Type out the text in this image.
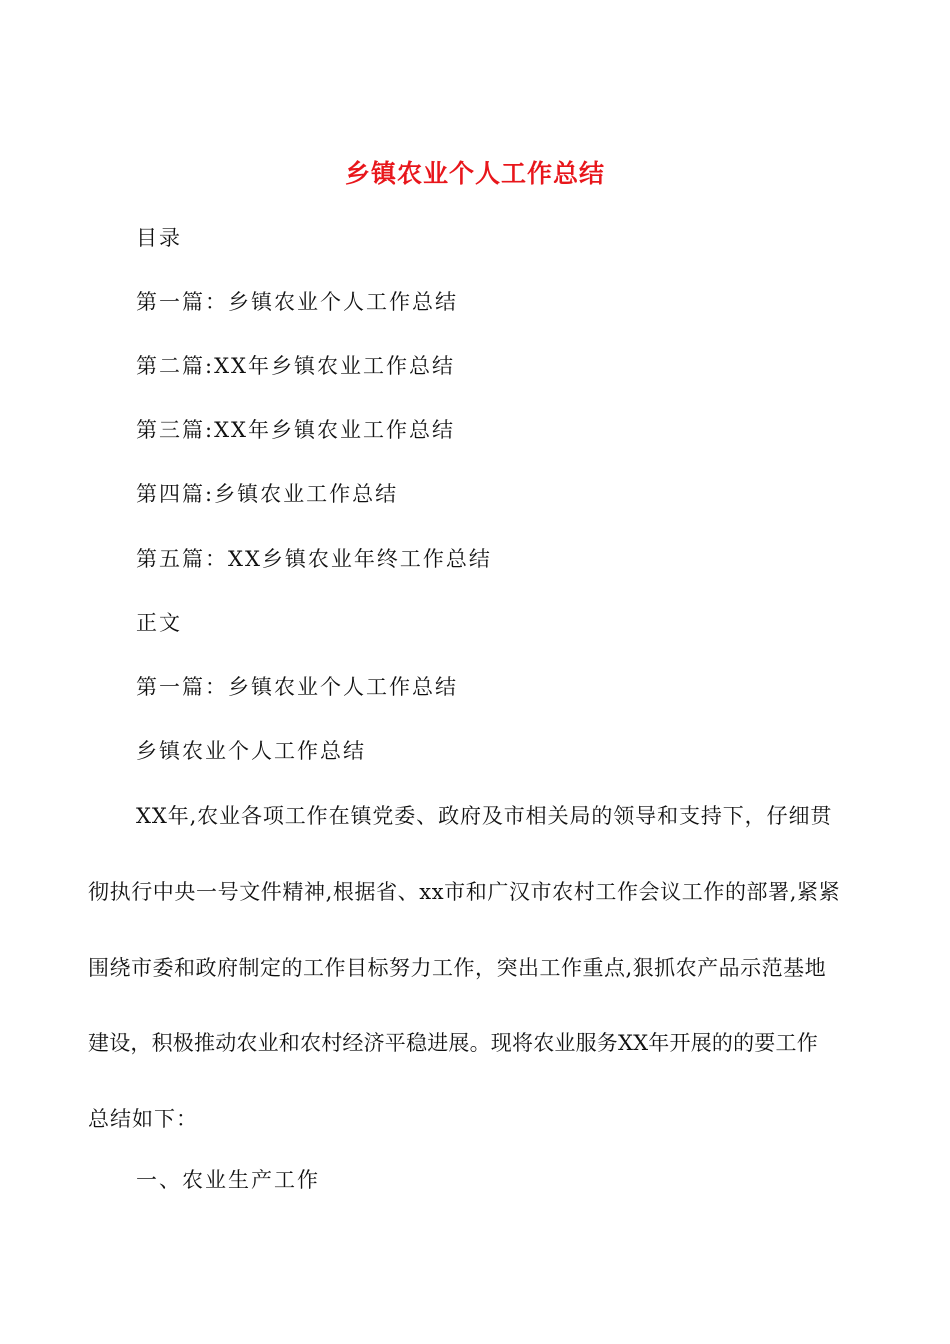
乡镇农业个人工作总结
目录
第一篇：乡镇农业个人工作总结
第二篇:XX年乡镇农业工作总结
第三篇:XX年乡镇农业工作总结
第四篇:乡镇农业工作总结
第五篇：XX乡镇农业年终工作总结
正文
第一篇：乡镇农业个人工作总结
乡镇农业个人工作总结
XX年,农业各项工作在镇党委、政府及市相关局的领导和支持下，仔细贯
彻执行中央一号文件精神,根据省、xx市和广汉市农村工作会议工作的部署,紧紧
围绕市委和政府制定的工作目标努力工作，突出工作重点,狠抓农产品示范基地
建设，积极推动农业和农村经济平稳进展。现将农业服务XX年开展的的要工作
总结如下：
一、农业生产工作
